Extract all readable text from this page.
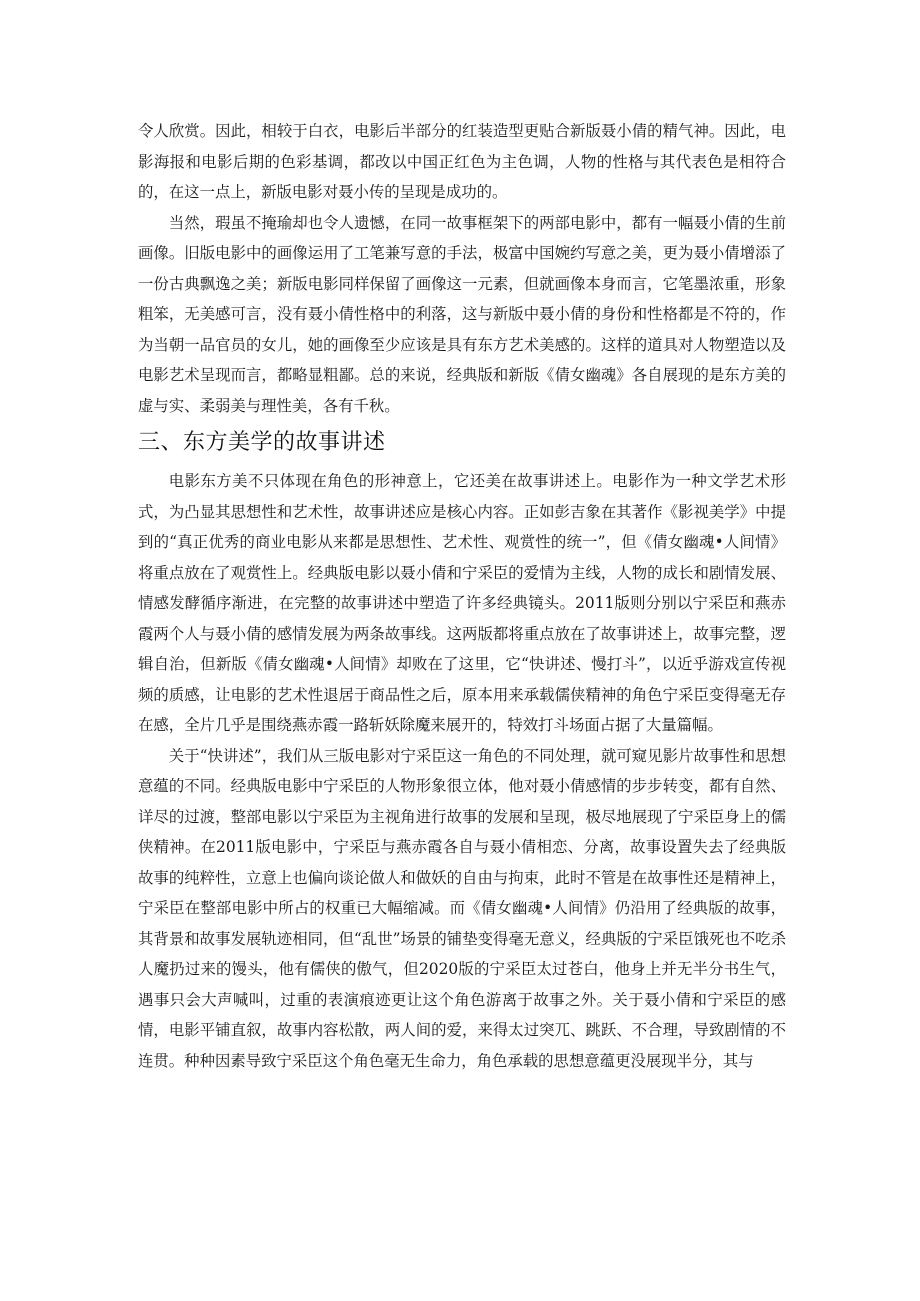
令人欣赏。因此，相较于白衣，电影后半部分的红装造型更贴合新版聂小倩的精气神。因此，电影海报和电影后期的色彩基调，都改以中国正红色为主色调，人物的性格与其代表色是相符合的，在这一点上，新版电影对聂小传的呈现是成功的。

当然，瑕虽不掩瑜却也令人遗憾，在同一故事框架下的两部电影中，都有一幅聂小倩的生前画像。旧版电影中的画像运用了工笔兼写意的手法，极富中国婉约写意之美，更为聂小倩增添了一份古典飘逸之美；新版电影同样保留了画像这一元素，但就画像本身而言，它笔墨浓重，形象粗笨，无美感可言，没有聂小倩性格中的利落，这与新版中聂小倩的身份和性格都是不符的，作为当朝一品官员的女儿，她的画像至少应该是具有东方艺术美感的。这样的道具对人物塑造以及电影艺术呈现而言，都略显粗鄙。总的来说，经典版和新版《倩女幽魂》各自展现的是东方美的虚与实、柔弱美与理性美，各有千秋。

三、东方美学的故事讲述

电影东方美不只体现在角色的形神意上，它还美在故事讲述上。电影作为一种文学艺术形式，为凸显其思想性和艺术性，故事讲述应是核心内容。正如彭吉象在其著作《影视美学》中提到的“真正优秀的商业电影从来都是思想性、艺术性、观赏性的统一”，但《倩女幽魂•人间情》将重点放在了观赏性上。经典版电影以聂小倩和宁采臣的爱情为主线，人物的成长和剧情发展、情感发酵循序渐进，在完整的故事讲述中塑造了许多经典镜头。2011版则分别以宁采臣和燕赤霞两个人与聂小倩的感情发展为两条故事线。这两版都将重点放在了故事讲述上，故事完整，逻辑自治，但新版《倩女幽魂•人间情》却败在了这里，它“快讲述、慢打斗”，以近乎游戏宣传视频的质感，让电影的艺术性退居于商品性之后，原本用来承载儒侠精神的角色宁采臣变得毫无存在感，全片几乎是围绕燕赤霞一路斩妖除魔来展开的，特效打斗场面占据了大量篇幅。

关于“快讲述”，我们从三版电影对宁采臣这一角色的不同处理，就可窥见影片故事性和思想意蕴的不同。经典版电影中宁采臣的人物形象很立体，他对聂小倩感情的步步转变，都有自然、详尽的过渡，整部电影以宁采臣为主视角进行故事的发展和呈现，极尽地展现了宁采臣身上的儒侠精神。在2011版电影中，宁采臣与燕赤霞各自与聂小倩相恋、分离，故事设置失去了经典版故事的纯粹性，立意上也偏向谈论做人和做妖的自由与拘束，此时不管是在故事性还是精神上，宁采臣在整部电影中所占的权重已大幅缩减。而《倩女幽魂•人间情》仍沿用了经典版的故事，其背景和故事发展轨迹相同，但“乱世”场景的铺垫变得毫无意义，经典版的宁采臣饿死也不吃杀人魔扔过来的馒头，他有儒侠的傲气，但2020版的宁采臣太过苍白，他身上并无半分书生气，遇事只会大声喊叫，过重的表演痕迹更让这个角色游离于故事之外。关于聂小倩和宁采臣的感情，电影平铺直叙，故事内容松散，两人间的爱，来得太过突兀、跳跃、不合理，导致剧情的不连贯。种种因素导致宁采臣这个角色毫无生命力，角色承载的思想意蕴更没展现半分，其与
